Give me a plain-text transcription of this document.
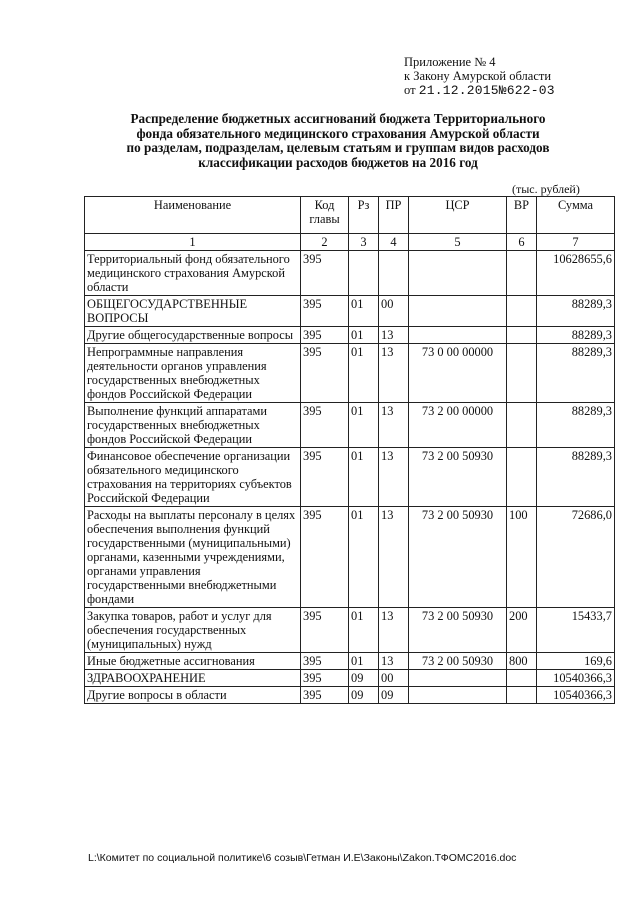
Приложение № 4
к Закону Амурской области
от 21.12.2015№622-03
Распределение бюджетных ассигнований бюджета Территориального
фонда обязательного медицинского страхования Амурской области
по разделам, подразделам, целевым статьям и группам видов расходов
классификации расходов бюджетов на 2016 год
(тыс. рублей)
Наименование	Код главы	Рз	ПР	ЦСР	ВР	Сумма
1	2	3	4	5	6	7
Территориальный фонд обязательного медицинского страхования Амурской области	395					10628655,6
ОБЩЕГОСУДАРСТВЕННЫЕ ВОПРОСЫ	395	01	00			88289,3
Другие общегосударственные вопросы	395	01	13			88289,3
Непрограммные направления деятельности органов управления государственных внебюджетных фондов Российской Федерации	395	01	13	73 0 00 00000		88289,3
Выполнение функций аппаратами государственных внебюджетных фондов Российской Федерации	395	01	13	73 2 00 00000		88289,3
Финансовое обеспечение организации обязательного медицинского страхования на территориях субъектов Российской Федерации	395	01	13	73 2 00 50930		88289,3
Расходы на выплаты персоналу в целях обеспечения выполнения функций государственными (муниципальными) органами, казенными учреждениями, органами управления государственными внебюджетными фондами	395	01	13	73 2 00 50930	100	72686,0
Закупка товаров, работ и услуг для обеспечения государственных (муниципальных) нужд	395	01	13	73 2 00 50930	200	15433,7
Иные бюджетные ассигнования	395	01	13	73 2 00 50930	800	169,6
ЗДРАВООХРАНЕНИЕ	395	09	00			10540366,3
Другие вопросы в области	395	09	09			10540366,3
L:\Комитет по социальной политике\6 созыв\Гетман И.Е\Законы\Zakon.ТФОМС2016.doc
